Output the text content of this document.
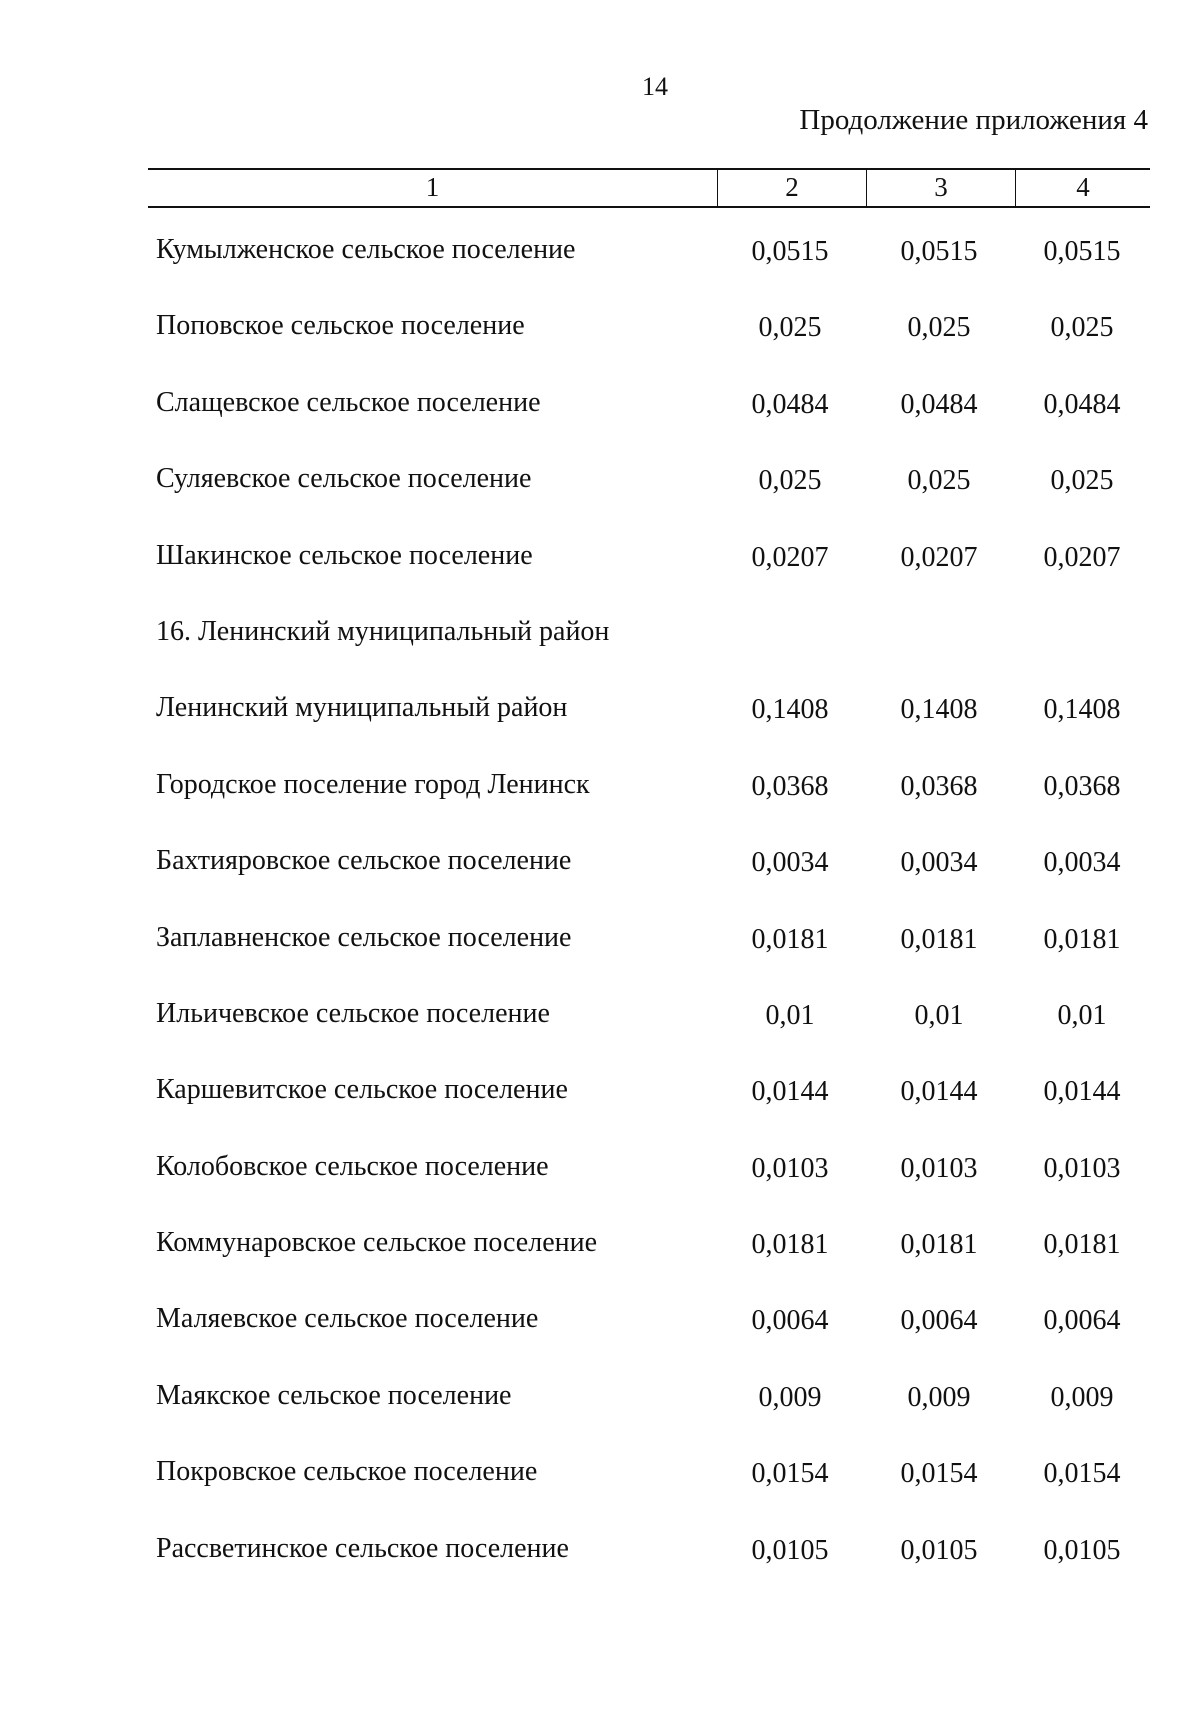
14
Продолжение приложения 4
1	2	3	4
Кумылженское сельское поселение	0,0515	0,0515	0,0515
Поповское сельское поселение	0,025	0,025	0,025
Слащевское сельское поселение	0,0484	0,0484	0,0484
Суляевское сельское поселение	0,025	0,025	0,025
Шакинское сельское поселение	0,0207	0,0207	0,0207
16. Ленинский муниципальный район
Ленинский муниципальный район	0,1408	0,1408	0,1408
Городское поселение город Ленинск	0,0368	0,0368	0,0368
Бахтияровское сельское поселение	0,0034	0,0034	0,0034
Заплавненское сельское поселение	0,0181	0,0181	0,0181
Ильичевское сельское поселение	0,01	0,01	0,01
Каршевитское сельское поселение	0,0144	0,0144	0,0144
Колобовское сельское поселение	0,0103	0,0103	0,0103
Коммунаровское сельское поселение	0,0181	0,0181	0,0181
Маляевское сельское поселение	0,0064	0,0064	0,0064
Маякское сельское поселение	0,009	0,009	0,009
Покровское сельское поселение	0,0154	0,0154	0,0154
Рассветинское сельское поселение	0,0105	0,0105	0,0105
